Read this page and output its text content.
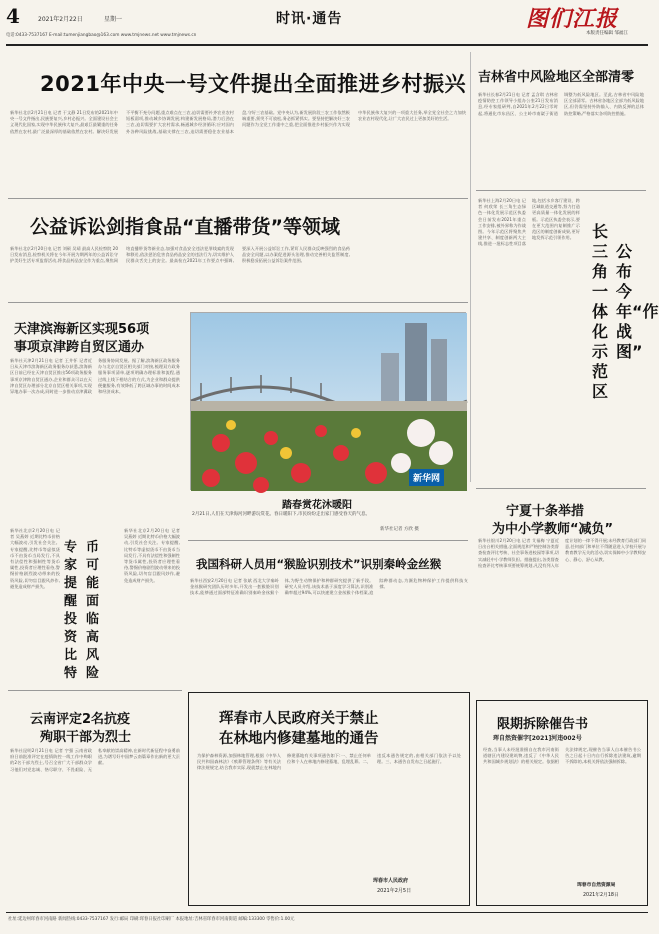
4	2021年2月22日	星期一	时讯·通告	图们江报
本版责任编辑 邹福江
电话:0433-7537167 E-mail:tumenjiangbao@163.com www.tmjnews.net www.tmjnews.cn
2021年中央一号文件提出全面推进乡村振兴
新华社北京2月21日电 记者 于文静 21日发布的2021年中央一号文件指出,民族要复兴,乡村必振兴。全面建设社会主义现代化国家,实现中华民族伟大复兴,最艰巨最繁重的任务依然在农村,最广泛最深厚的基础依然在农村。解决好发展不平衡不充分问题,重点难点在三农,迫切需要补齐农业农村短板弱项,推动城乡协调发展;构建新发展格局,潜力后劲在三农,迫切需要扩大农村需求,畅通城乡经济循环;应对国内外各种风险挑战,基础支撑在三农,迫切需要稳住农业基本盘,守好三农基础。党中央认为,新发展阶段三农工作依然极端重要,须臾不可放松,务必抓紧抓实。要坚持把解决好三农问题作为全党工作重中之重,把全面推进乡村振兴作为实现中华民族伟大复兴的一项重大任务,举全党全社会之力加快农业农村现代化,让广大农民过上更加美好的生活。
吉林省中风险地区全部清零
新华社长春2月21日电 记者 孟含琪 吉林省疫情防控工作领导小组办公室21日发布消息,经专家组研判,自2021年2月22日零时起,将通化市东昌区、公主岭市南崴子街道调整为低风险地区。至此,吉林省中风险地区全部清零。吉林省各地区全部为低风险地区,但仍需坚持外防输入、内防反弹的总体防控策略,严格落实各项防控措施。
公益诉讼剑指食品“直播带货”等领域
新华社北京2月20日电 记者 刘硕 吴靖 最高人民检察院 20日发布消息,检察机关将在今年开展为期两年的公益诉讼守护美好生活专项监督活动,将食品药品安全作为重点,聚焦网络直播带货等新业态,加强对食品安全违法犯罪线索的发现和移送,依法惩治危害食品药品安全的违法行为,切实维护人民群众舌尖上的安全。最高检在2021年工作要点中强调,要深入开展公益诉讼工作,紧盯人民群众反映强烈的食品药品安全问题,以办案促进源头治理,推动完善相关监管制度,积极稳妥拓展公益诉讼案件范围。
天津滨海新区实现56项
事项京津跨自贸区通办
新华社天津2月21日电 记者 王井怀 记者近日从天津市滨海新区政务服务办获悉,滨海新区日前已经在天津自贸区推出56项政务服务事项京津跨自贸区通办,企业和群众可以在天津自贸区办理部分北京自贸区相关事项,实现异地办事一次办成,同时进一步推动京津冀政务服务协同发展。据了解,滨海新区政务服务办与北京自贸区相关部门对接,梳理双方政务服务事项清单,逐项明确办理标准和流程,通过线上线下相结合的方式,为企业和群众提供便捷服务,有效降低了跨区域办事的时间成本和经济成本。
新华网
踏春赏花沐暖阳
2月21日,人们在天津海河河畔游玩赏花。春日暖阳下,市民纷纷走出家门感受春天的气息。
新华社记者 方欣 摄
专
家
提
醒
投
资
比
特
币
可
能
面
临
高
风
险
新华社北京2月20日电 记者 吴燕婷 近期比特币价格大幅波动,引发社会关注。专家提醒,比特币等虚拟货币不由货币当局发行,不具有法偿性和强制性等货币属性,投资者应理性看待,警惕价格剧烈波动带来的投资风险,切勿盲目跟风炒作,避免造成财产损失。
新华社北京2月20日电 记者 吴燕婷 近期比特币价格大幅波动,引发社会关注。专家提醒,比特币等虚拟货币不由货币当局发行,不具有法偿性和强制性等货币属性,投资者应理性看待,警惕价格剧烈波动带来的投资风险,切勿盲目跟风炒作,避免造成财产损失。
我国科研人员用“猴脸识别技术”识别秦岭金丝猴
新华社西安2月20日电 记者 张斌 西北大学秦岭金丝猴研究团队历时多年,开发出一套猴脸识别技术,能够通过面部特征准确识别秦岭金丝猴个体,为野生动物保护和种群研究提供了新手段。研究人员介绍,该技术基于深度学习算法,识别准确率超过94%,可以快速建立金丝猴个体档案,追踪种群动态,为濒危物种保护工作提供科技支撑。
公布今年“作战图”
长三角一体化示范区
新华社上海2月20日电 记者 何欣荣 长三角生态绿色一体化发展示范区执委会日前发布2021年重点工作安排,被外界称为作战图。今年示范区将聚焦共建共享、制度创新两大主线,推进一批标志性项目落地,包括水乡客厅建设、跨区域轨道交通等,努力打造更高质量一体化发展的样板。示范区执委会表示,要在更大范围内复制推广示范区的制度创新成果,更好地发挥示范引领作用。
宁夏十条举措
为中小学教师“减负”
新华社银川2月20日电 记者 艾福梅 宁夏近日出台相关措施,全面规范和严格控制各类督查检查评比考核、社会事务进校园等事项,切实减轻中小学教师负担。措施提出,各类督查检查评比考核事项要统筹规划,凡没有列入年度计划的一律不得开展;未经教育行政部门同意,任何部门和单位不得随意进入学校开展与教育教学无关的活动,切实保障中小学教师安心、静心、舒心从教。
云南评定2名抗疫
殉职干部为烈士
新华社昆明2月21日电 记者 字强 云南省政府日前批准评定在疫情防控一线工作中殉职的2名干部为烈士,号召全省广大干部群众学习他们对党忠诚、恪尽职守、不畏艰险、无私奉献的崇高精神,在新时代新征程中奋勇前进,为谱写好中国梦云南篇章作出新的更大贡献。
珲春市人民政府关于禁止
在林地内修建墓地的通告
为保护森林资源,加强林地管理,根据《中华人民共和国森林法》《殡葬管理条例》等有关法律法规规定,结合我市实际,现就禁止在林地内修建墓地有关事项通告如下:一、禁止任何单位和个人在林地内修建墓地、乱埋乱葬。二、违反本通告规定的,由相关部门依法予以处理。三、本通告自发布之日起施行。
珲春市人民政府
2021年2月5日
限期拆除催告书
珲自然资催字[2021]河违002号
经查,当事人未经批准擅自在我市河南街道辖区内建设建筑物,违反了《中华人民共和国城乡规划法》的相关规定。依据相关法律规定,现催告当事人自本催告书公告之日起十日内自行拆除违法建筑,逾期不拆除的,本机关将依法强制拆除。
珲春市自然资源局
2021年2月18日
社址:延边州珲春市河南路 新闻热线:0433-7537167 发行:邮局 印刷:珲春日报社印刷厂 本报地址:吉林省珲春市河南街道 邮编:133300 零售价:1.00元
